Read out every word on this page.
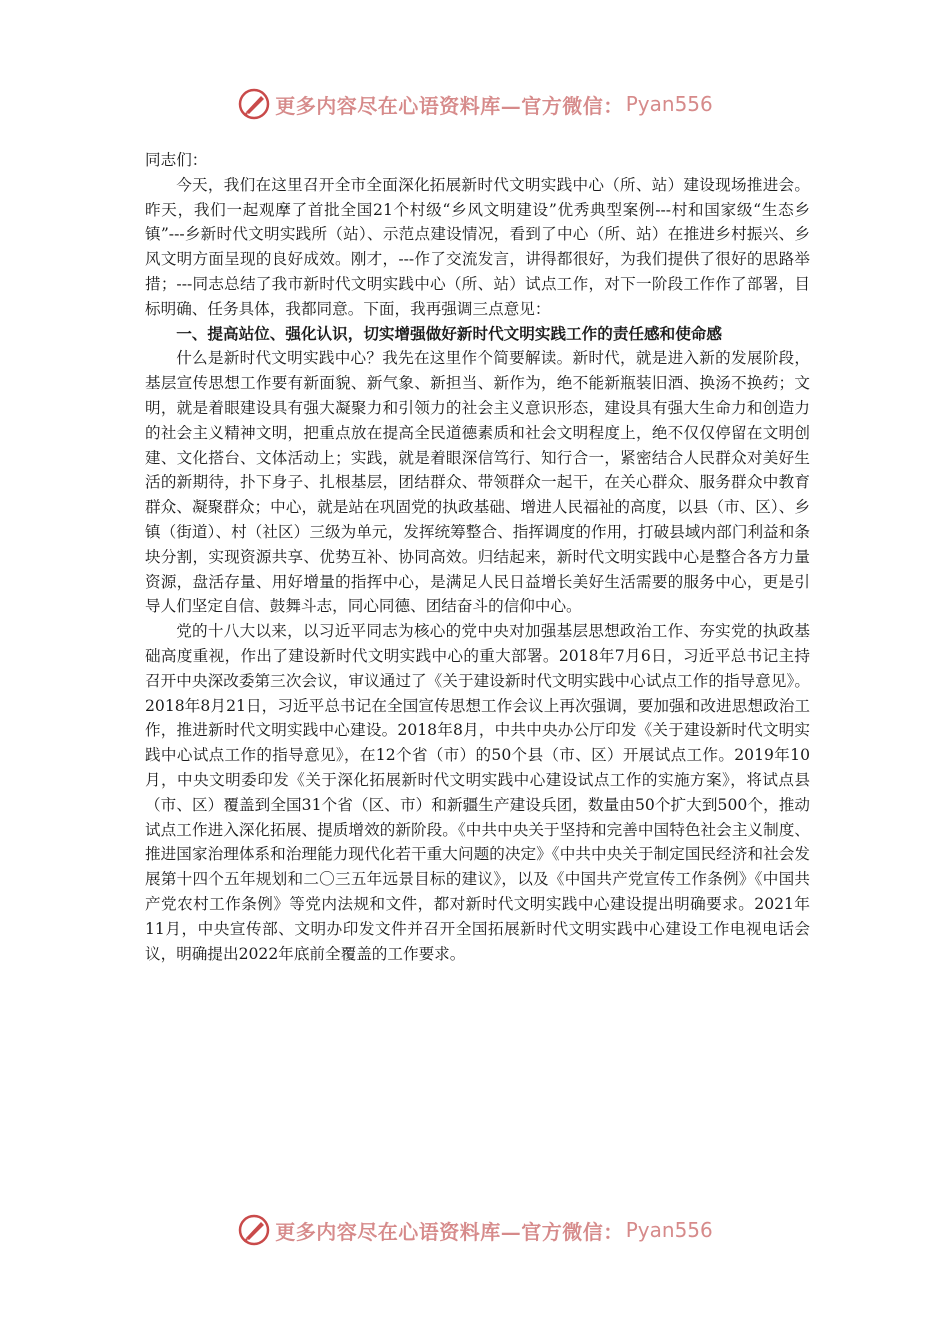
更多内容尽在心语资料库—官方微信： Pyan556

同志们：

今天，我们在这里召开全市全面深化拓展新时代文明实践中心（所、站）建设现场推进会。昨天，我们一起观摩了首批全国21个村级“乡风文明建设”优秀典型案例---村和国家级“生态乡镇”---乡新时代文明实践所（站）、示范点建设情况，看到了中心（所、站）在推进乡村振兴、乡风文明方面呈现的良好成效。刚才，---作了交流发言，讲得都很好，为我们提供了很好的思路举措；---同志总结了我市新时代文明实践中心（所、站）试点工作，对下一阶段工作作了部署，目标明确、任务具体，我都同意。下面，我再强调三点意见：

一、提高站位、强化认识，切实增强做好新时代文明实践工作的责任感和使命感

什么是新时代文明实践中心？我先在这里作个简要解读。新时代，就是进入新的发展阶段，基层宣传思想工作要有新面貌、新气象、新担当、新作为，绝不能新瓶装旧酒、换汤不换药；文明，就是着眼建设具有强大凝聚力和引领力的社会主义意识形态，建设具有强大生命力和创造力的社会主义精神文明，把重点放在提高全民道德素质和社会文明程度上，绝不仅仅停留在文明创建、文化搭台、文体活动上；实践，就是着眼深信笃行、知行合一，紧密结合人民群众对美好生活的新期待，扑下身子、扎根基层，团结群众、带领群众一起干，在关心群众、服务群众中教育群众、凝聚群众；中心，就是站在巩固党的执政基础、增进人民福祉的高度，以县（市、区）、乡镇（街道）、村（社区）三级为单元，发挥统筹整合、指挥调度的作用，打破县域内部门利益和条块分割，实现资源共享、优势互补、协同高效。归结起来，新时代文明实践中心是整合各方力量资源，盘活存量、用好增量的指挥中心，是满足人民日益增长美好生活需要的服务中心，更是引导人们坚定自信、鼓舞斗志，同心同德、团结奋斗的信仰中心。

党的十八大以来，以习近平同志为核心的党中央对加强基层思想政治工作、夯实党的执政基础高度重视，作出了建设新时代文明实践中心的重大部署。2018年7月6日，习近平总书记主持召开中央深改委第三次会议，审议通过了《关于建设新时代文明实践中心试点工作的指导意见》。2018年8月21日，习近平总书记在全国宣传思想工作会议上再次强调，要加强和改进思想政治工作，推进新时代文明实践中心建设。2018年8月，中共中央办公厅印发《关于建设新时代文明实践中心试点工作的指导意见》，在12个省（市）的50个县（市、区）开展试点工作。2019年10月，中央文明委印发《关于深化拓展新时代文明实践中心建设试点工作的实施方案》，将试点县（市、区）覆盖到全国31个省（区、市）和新疆生产建设兵团，数量由50个扩大到500个，推动试点工作进入深化拓展、提质增效的新阶段。《中共中央关于坚持和完善中国特色社会主义制度、推进国家治理体系和治理能力现代化若干重大问题的决定》《中共中央关于制定国民经济和社会发展第十四个五年规划和二〇三五年远景目标的建议》，以及《中国共产党宣传工作条例》《中国共产党农村工作条例》等党内法规和文件，都对新时代文明实践中心建设提出明确要求。2021年11月，中央宣传部、文明办印发文件并召开全国拓展新时代文明实践中心建设工作电视电话会议，明确提出2022年底前全覆盖的工作要求。

更多内容尽在心语资料库—官方微信： Pyan556
